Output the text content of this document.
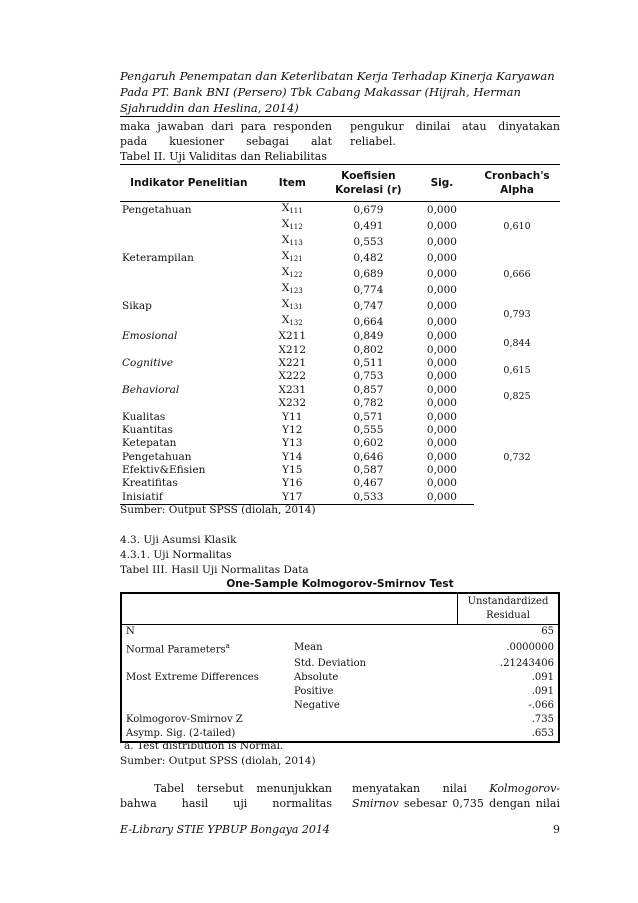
Pengaruh Penempatan dan Keterlibatan Kerja Terhadap Kinerja Karyawan Pada PT. Bank BNI (Persero) Tbk Cabang Makassar (Hijrah, Herman Sjahruddin dan Heslina, 2014)
maka jawaban dari para responden
pada kuesioner sebagai alat
pengukur dinilai atau dinyatakan
reliabel.
Tabel II. Uji Validitas dan Reliabilitas
Indikator Penelitian	Item	Koefisien Korelasi (r)	Sig.	Cronbach's Alpha
Pengetahuan	$X_{111}$	0,679	0,000	0,610
	$X_{112}$	0,491	0,000	
	$X_{113}$	0,553	0,000	
Keterampilan	$X_{121}$	0,482	0,000	0,666
	$X_{122}$	0,689	0,000	
	$X_{123}$	0,774	0,000	
Sikap	$X_{131}$	0,747	0,000	0,793
	$X_{132}$	0,664	0,000	
Emosional	X211	0,849	0,000	0,844
	X212	0,802	0,000	
Cognitive	X221	0,511	0,000	0,615
	X222	0,753	0,000	
Behavioral	X231	0,857	0,000	0,825
	X232	0,782	0,000	
Kualitas	Y11	0,571	0,000	0,732
Kuantitas	Y12	0,555	0,000	
Ketepatan	Y13	0,602	0,000	
Pengetahuan	Y14	0,646	0,000	
Efektiv&Efisien	Y15	0,587	0,000	
Kreatifitas	Y16	0,467	0,000	
Inisiatif	Y17	0,533	0,000	
Sumber: Output SPSS (diolah, 2014)
4.3. Uji Asumsi Klasik
4.3.1. Uji Normalitas
Tabel III. Hasil Uji Normalitas Data
One-Sample Kolmogorov-Smirnov Test
		Unstandardized Residual
N		65
Normal Parameters$^a$	Mean	.0000000
	Std. Deviation	.21243406
Most Extreme Differences	Absolute	.091
	Positive	.091
	Negative	-.066
Kolmogorov-Smirnov Z		.735
Asymp. Sig. (2-tailed)		.653
a. Test distribution is Normal.
Sumber: Output SPSS (diolah, 2014)
Tabel tersebut menunjukkan
bahwa hasil uji normalitas
menyatakan nilai Kolmogorov-
Smirnov sebesar 0,735 dengan nilai
E-Library STIE YPBUP Bongaya 2014	9
